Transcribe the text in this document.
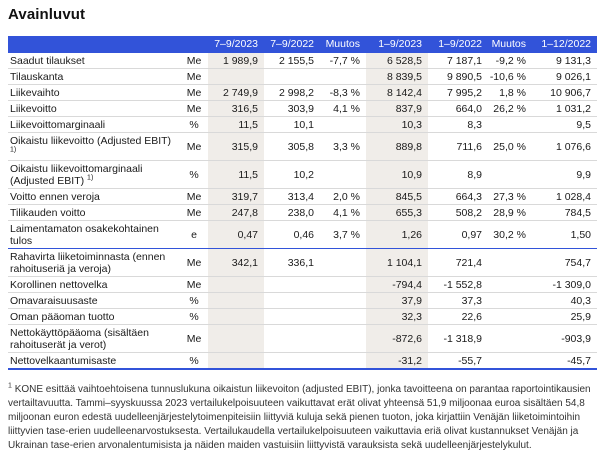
Avainluvut
		7–9/2023	7–9/2022	Muutos	1–9/2023	1–9/2022	Muutos	1–12/2022
Saadut tilaukset	Me	1 989,9	2 155,5	-7,7 %	6 528,5	7 187,1	-9,2 %	9 131,3
Tilauskanta	Me				8 839,5	9 890,5	-10,6 %	9 026,1
Liikevaihto	Me	2 749,9	2 998,2	-8,3 %	8 142,4	7 995,2	1,8 %	10 906,7
Liikevoitto	Me	316,5	303,9	4,1 %	837,9	664,0	26,2 %	1 031,2
Liikevoittomarginaali	%	11,5	10,1		10,3	8,3		9,5
Oikaistu liikevoitto (Adjusted EBIT) $^{1)}$	Me	315,9	305,8	3,3 %	889,8	711,6	25,0 %	1 076,6
Oikaistu liikevoittomarginaali (Adjusted EBIT) $^{1)}$	%	11,5	10,2		10,9	8,9		9,9
Voitto ennen veroja	Me	319,7	313,4	2,0 %	845,5	664,3	27,3 %	1 028,4
Tilikauden voitto	Me	247,8	238,0	4,1 %	655,3	508,2	28,9 %	784,5
Laimentamaton osakekohtainen tulos	e	0,47	0,46	3,7 %	1,26	0,97	30,2 %	1,50
Rahavirta liiketoiminnasta (ennen rahoituseriä ja veroja)	Me	342,1	336,1		1 104,1	721,4		754,7
Korollinen nettovelka	Me				-794,4	-1 552,8		-1 309,0
Omavaraisuusaste	%				37,9	37,3		40,3
Oman pääoman tuotto	%				32,3	22,6		25,9
Nettokäyttöpääoma (sisältäen rahoituserät ja verot)	Me				-872,6	-1 318,9		-903,9
Nettovelkaantumisaste	%				-31,2	-55,7		-45,7

$^1$ KONE esittää vaihtoehtoisena tunnuslukuna oikaistun liikevoiton (adjusted EBIT), jonka tavoitteena on parantaa raportointikausien vertailtavuutta. Tammi–syyskuussa 2023 vertailukelpoisuuteen vaikuttavat erät olivat yhteensä 51,9 miljoonaa euroa sisältäen 54,8 miljoonan euron edestä uudelleenjärjestelytoimenpiteisiin liittyviä kuluja sekä pienen tuoton, joka kirjattiin Venäjän liiketoimintoihin liittyvien tase-erien uudelleenarvostuksesta. Vertailukaudella vertailukelpoisuuteen vaikuttavia eriä olivat kustannukset Venäjän ja Ukrainan tase-erien arvonalentumisista ja näiden maiden vastuisiin liittyvistä varauksista sekä uudelleenjärjestelykulut.
